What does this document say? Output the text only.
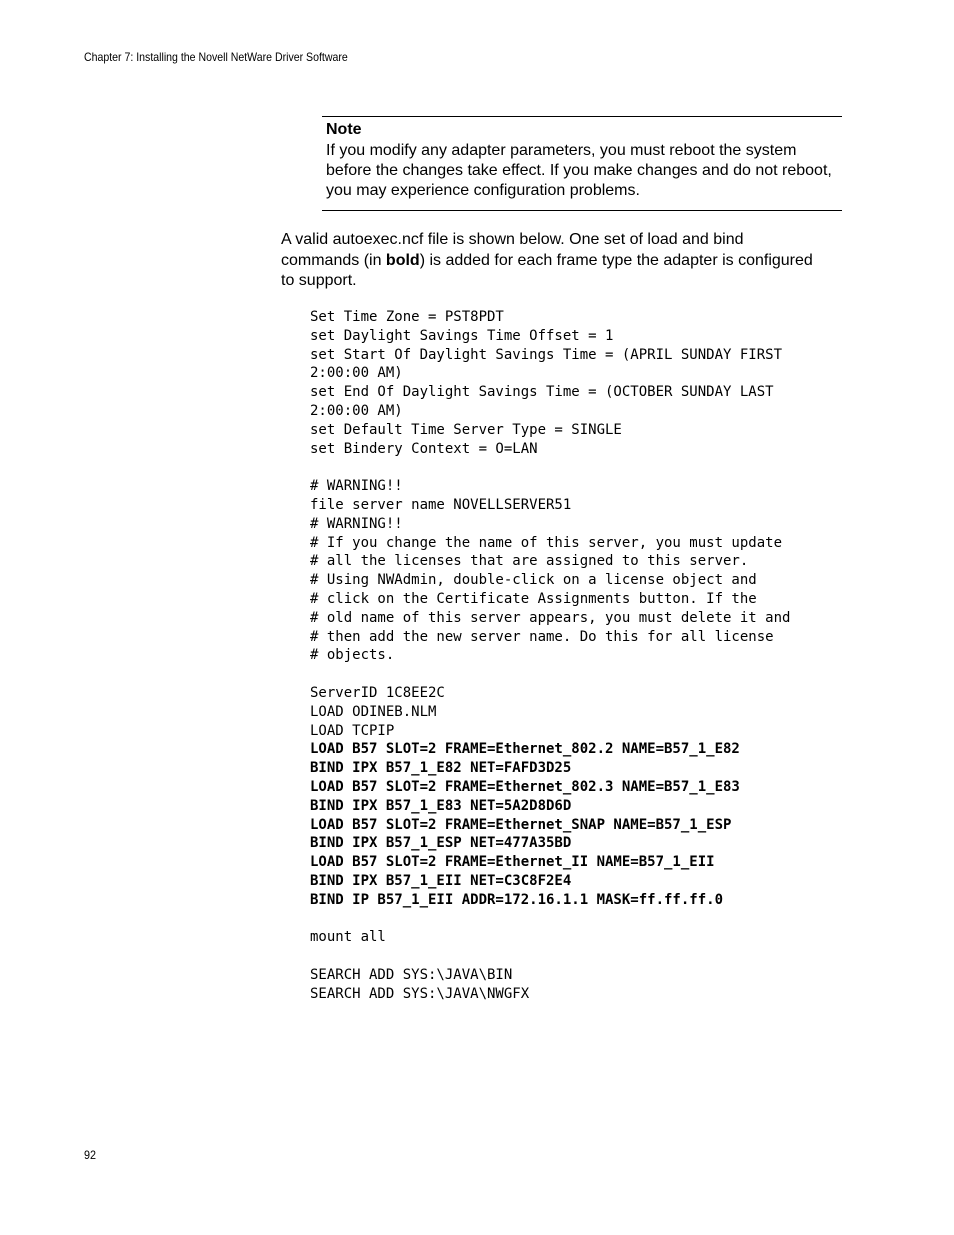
Chapter 7: Installing the Novell NetWare Driver Software
Note

If you modify any adapter parameters, you must reboot the system before the changes take effect. If you make changes and do not reboot, you may experience configuration problems.

A valid autoexec.ncf file is shown below. One set of load and bind commands (in bold) is added for each frame type the adapter is configured to support.

Set Time Zone = PST8PDT
set Daylight Savings Time Offset = 1
set Start Of Daylight Savings Time = (APRIL SUNDAY FIRST
2:00:00 AM)
set End Of Daylight Savings Time = (OCTOBER SUNDAY LAST
2:00:00 AM)
set Default Time Server Type = SINGLE
set Bindery Context = O=LAN
# WARNING!!
file server name NOVELLSERVER51
# WARNING!!
# If you change the name of this server, you must update
# all the licenses that are assigned to this server.
# Using NWAdmin, double-click on a license object and
# click on the Certificate Assignments button. If the
# old name of this server appears, you must delete it and
# then add the new server name. Do this for all license
# objects.
ServerID 1C8EE2C
LOAD ODINEB.NLM
LOAD TCPIP
LOAD B57 SLOT=2 FRAME=Ethernet_802.2 NAME=B57_1_E82
BIND IPX B57_1_E82 NET=FAFD3D25
LOAD B57 SLOT=2 FRAME=Ethernet_802.3 NAME=B57_1_E83
BIND IPX B57_1_E83 NET=5A2D8D6D
LOAD B57 SLOT=2 FRAME=Ethernet_SNAP NAME=B57_1_ESP
BIND IPX B57_1_ESP NET=477A35BD
LOAD B57 SLOT=2 FRAME=Ethernet_II NAME=B57_1_EII
BIND IPX B57_1_EII NET=C3C8F2E4
BIND IP B57_1_EII ADDR=172.16.1.1 MASK=ff.ff.ff.0
mount all
SEARCH ADD SYS:\JAVA\BIN
SEARCH ADD SYS:\JAVA\NWGFX
92
